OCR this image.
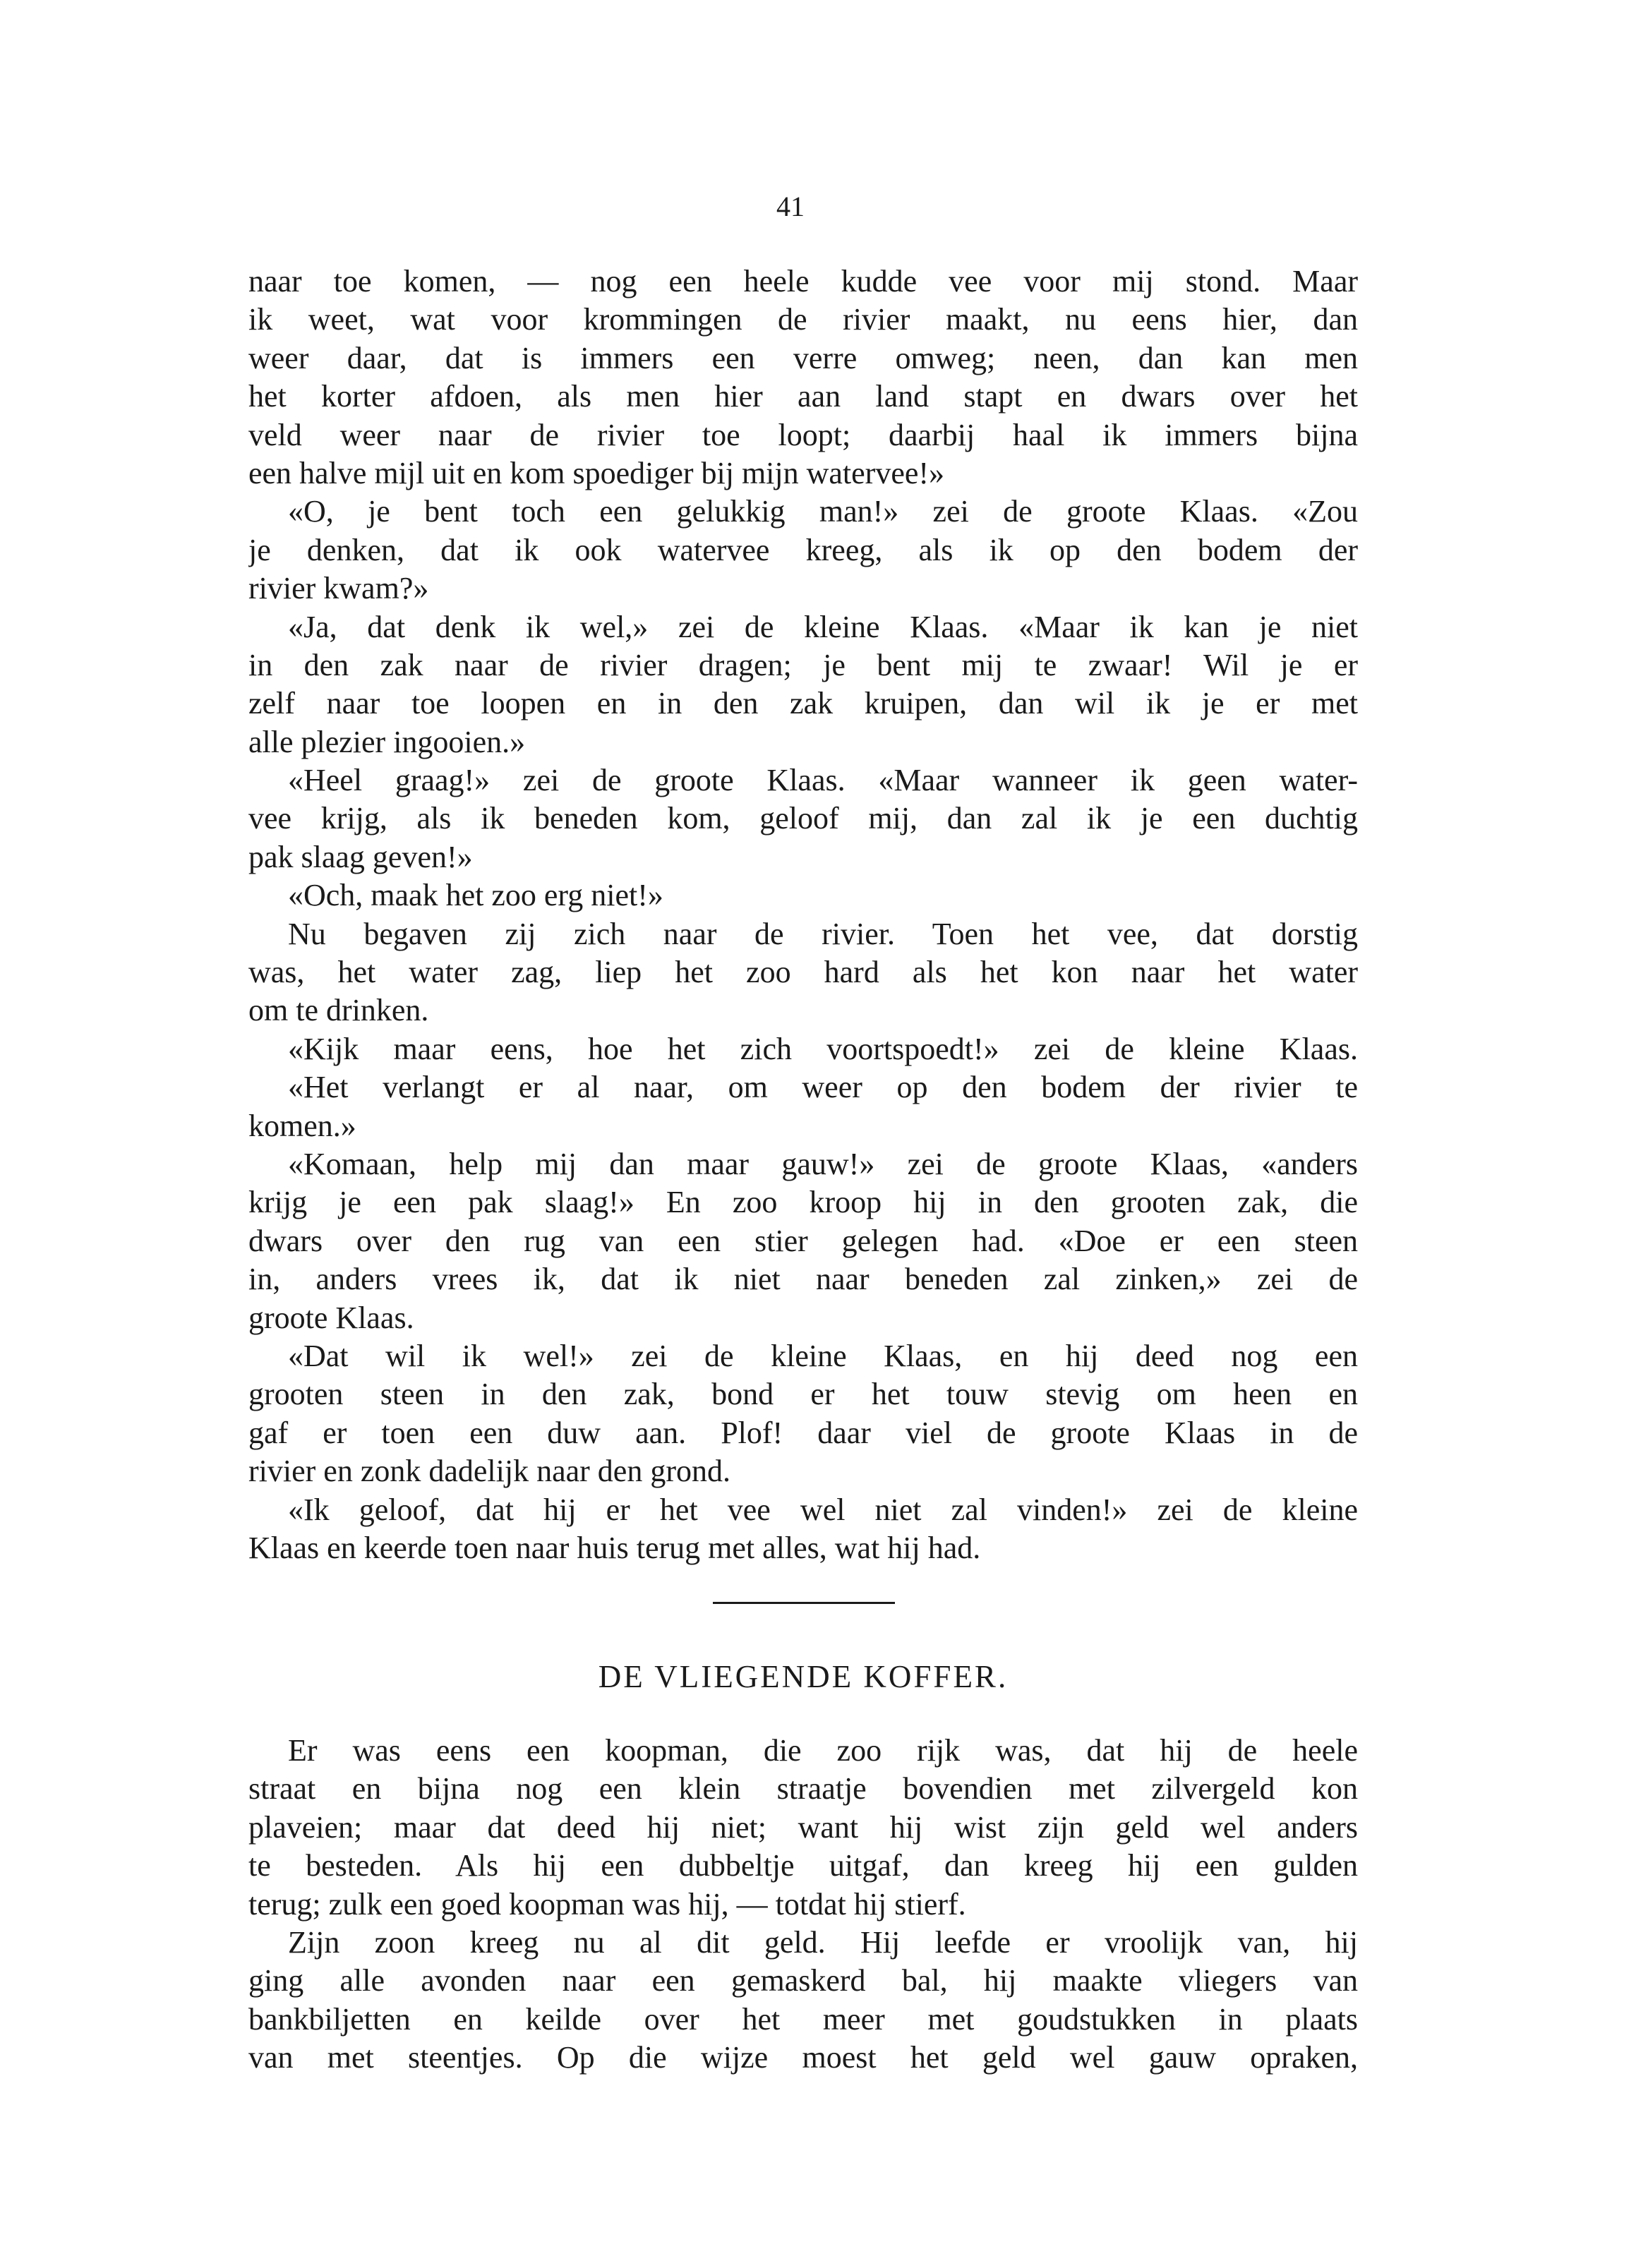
41
naar toe komen, — nog een heele kudde vee voor mij stond. Maar
ik weet, wat voor krommingen de rivier maakt, nu eens hier, dan
weer daar, dat is immers een verre omweg; neen, dan kan men
het korter afdoen, als men hier aan land stapt en dwars over het
veld weer naar de rivier toe loopt; daarbij haal ik immers bijna
een halve mijl uit en kom spoediger bij mijn watervee!»
«O, je bent toch een gelukkig man!» zei de groote Klaas. «Zou
je denken, dat ik ook watervee kreeg, als ik op den bodem der
rivier kwam?»
«Ja, dat denk ik wel,» zei de kleine Klaas. «Maar ik kan je niet
in den zak naar de rivier dragen; je bent mij te zwaar! Wil je er
zelf naar toe loopen en in den zak kruipen, dan wil ik je er met
alle plezier ingooien.»
«Heel graag!» zei de groote Klaas. «Maar wanneer ik geen water-
vee krijg, als ik beneden kom, geloof mij, dan zal ik je een duchtig
pak slaag geven!»
«Och, maak het zoo erg niet!»
Nu begaven zij zich naar de rivier. Toen het vee, dat dorstig
was, het water zag, liep het zoo hard als het kon naar het water
om te drinken.
«Kijk maar eens, hoe het zich voortspoedt!» zei de kleine Klaas.
«Het verlangt er al naar, om weer op den bodem der rivier te
komen.»
«Komaan, help mij dan maar gauw!» zei de groote Klaas, «anders
krijg je een pak slaag!» En zoo kroop hij in den grooten zak, die
dwars over den rug van een stier gelegen had. «Doe er een steen
in, anders vrees ik, dat ik niet naar beneden zal zinken,» zei de
groote Klaas.
«Dat wil ik wel!» zei de kleine Klaas, en hij deed nog een
grooten steen in den zak, bond er het touw stevig om heen en
gaf er toen een duw aan. Plof! daar viel de groote Klaas in de
rivier en zonk dadelijk naar den grond.
«Ik geloof, dat hij er het vee wel niet zal vinden!» zei de kleine
Klaas en keerde toen naar huis terug met alles, wat hij had.
DE VLIEGENDE KOFFER.
Er was eens een koopman, die zoo rijk was, dat hij de heele
straat en bijna nog een klein straatje bovendien met zilvergeld kon
plaveien; maar dat deed hij niet; want hij wist zijn geld wel anders
te besteden. Als hij een dubbeltje uitgaf, dan kreeg hij een gulden
terug; zulk een goed koopman was hij, — totdat hij stierf.
Zijn zoon kreeg nu al dit geld. Hij leefde er vroolijk van, hij
ging alle avonden naar een gemaskerd bal, hij maakte vliegers van
bankbiljetten en keilde over het meer met goudstukken in plaats
van met steentjes. Op die wijze moest het geld wel gauw opraken,
